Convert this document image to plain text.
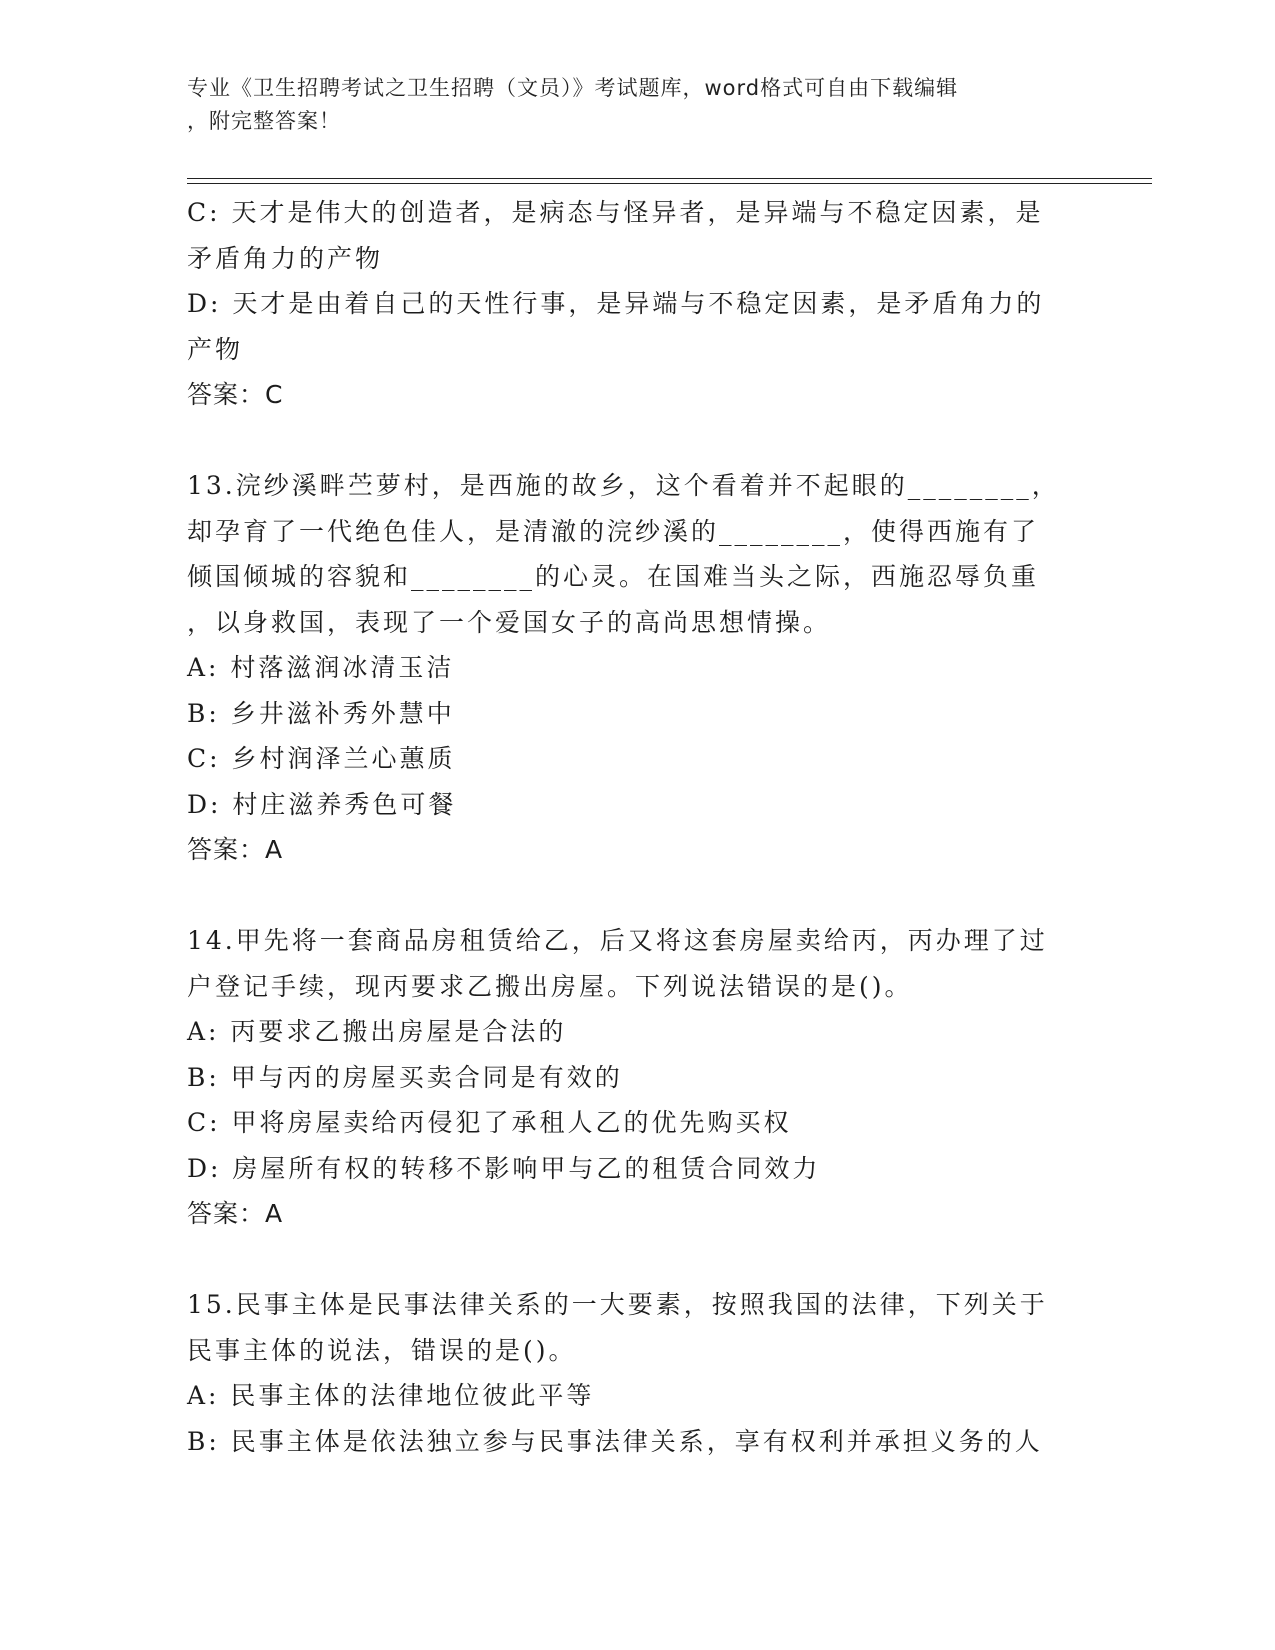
专业《卫生招聘考试之卫生招聘（文员）》考试题库，word格式可自由下载编辑
，附完整答案！
C: 天才是伟大的创造者，是病态与怪异者，是异端与不稳定因素，是
矛盾角力的产物
D: 天才是由着自己的天性行事，是异端与不稳定因素，是矛盾角力的
产物
答案：C
13.浣纱溪畔苎萝村，是西施的故乡，这个看着并不起眼的________，
却孕育了一代绝色佳人，是清澈的浣纱溪的________，使得西施有了
倾国倾城的容貌和________的心灵。在国难当头之际，西施忍辱负重
，以身救国，表现了一个爱国女子的高尚思想情操。
A: 村落滋润冰清玉洁
B: 乡井滋补秀外慧中
C: 乡村润泽兰心蕙质
D: 村庄滋养秀色可餐
答案：A
14.甲先将一套商品房租赁给乙，后又将这套房屋卖给丙，丙办理了过
户登记手续，现丙要求乙搬出房屋。下列说法错误的是()。
A: 丙要求乙搬出房屋是合法的
B: 甲与丙的房屋买卖合同是有效的
C: 甲将房屋卖给丙侵犯了承租人乙的优先购买权
D: 房屋所有权的转移不影响甲与乙的租赁合同效力
答案：A
15.民事主体是民事法律关系的一大要素，按照我国的法律，下列关于
民事主体的说法，错误的是()。
A: 民事主体的法律地位彼此平等
B: 民事主体是依法独立参与民事法律关系，享有权利并承担义务的人
